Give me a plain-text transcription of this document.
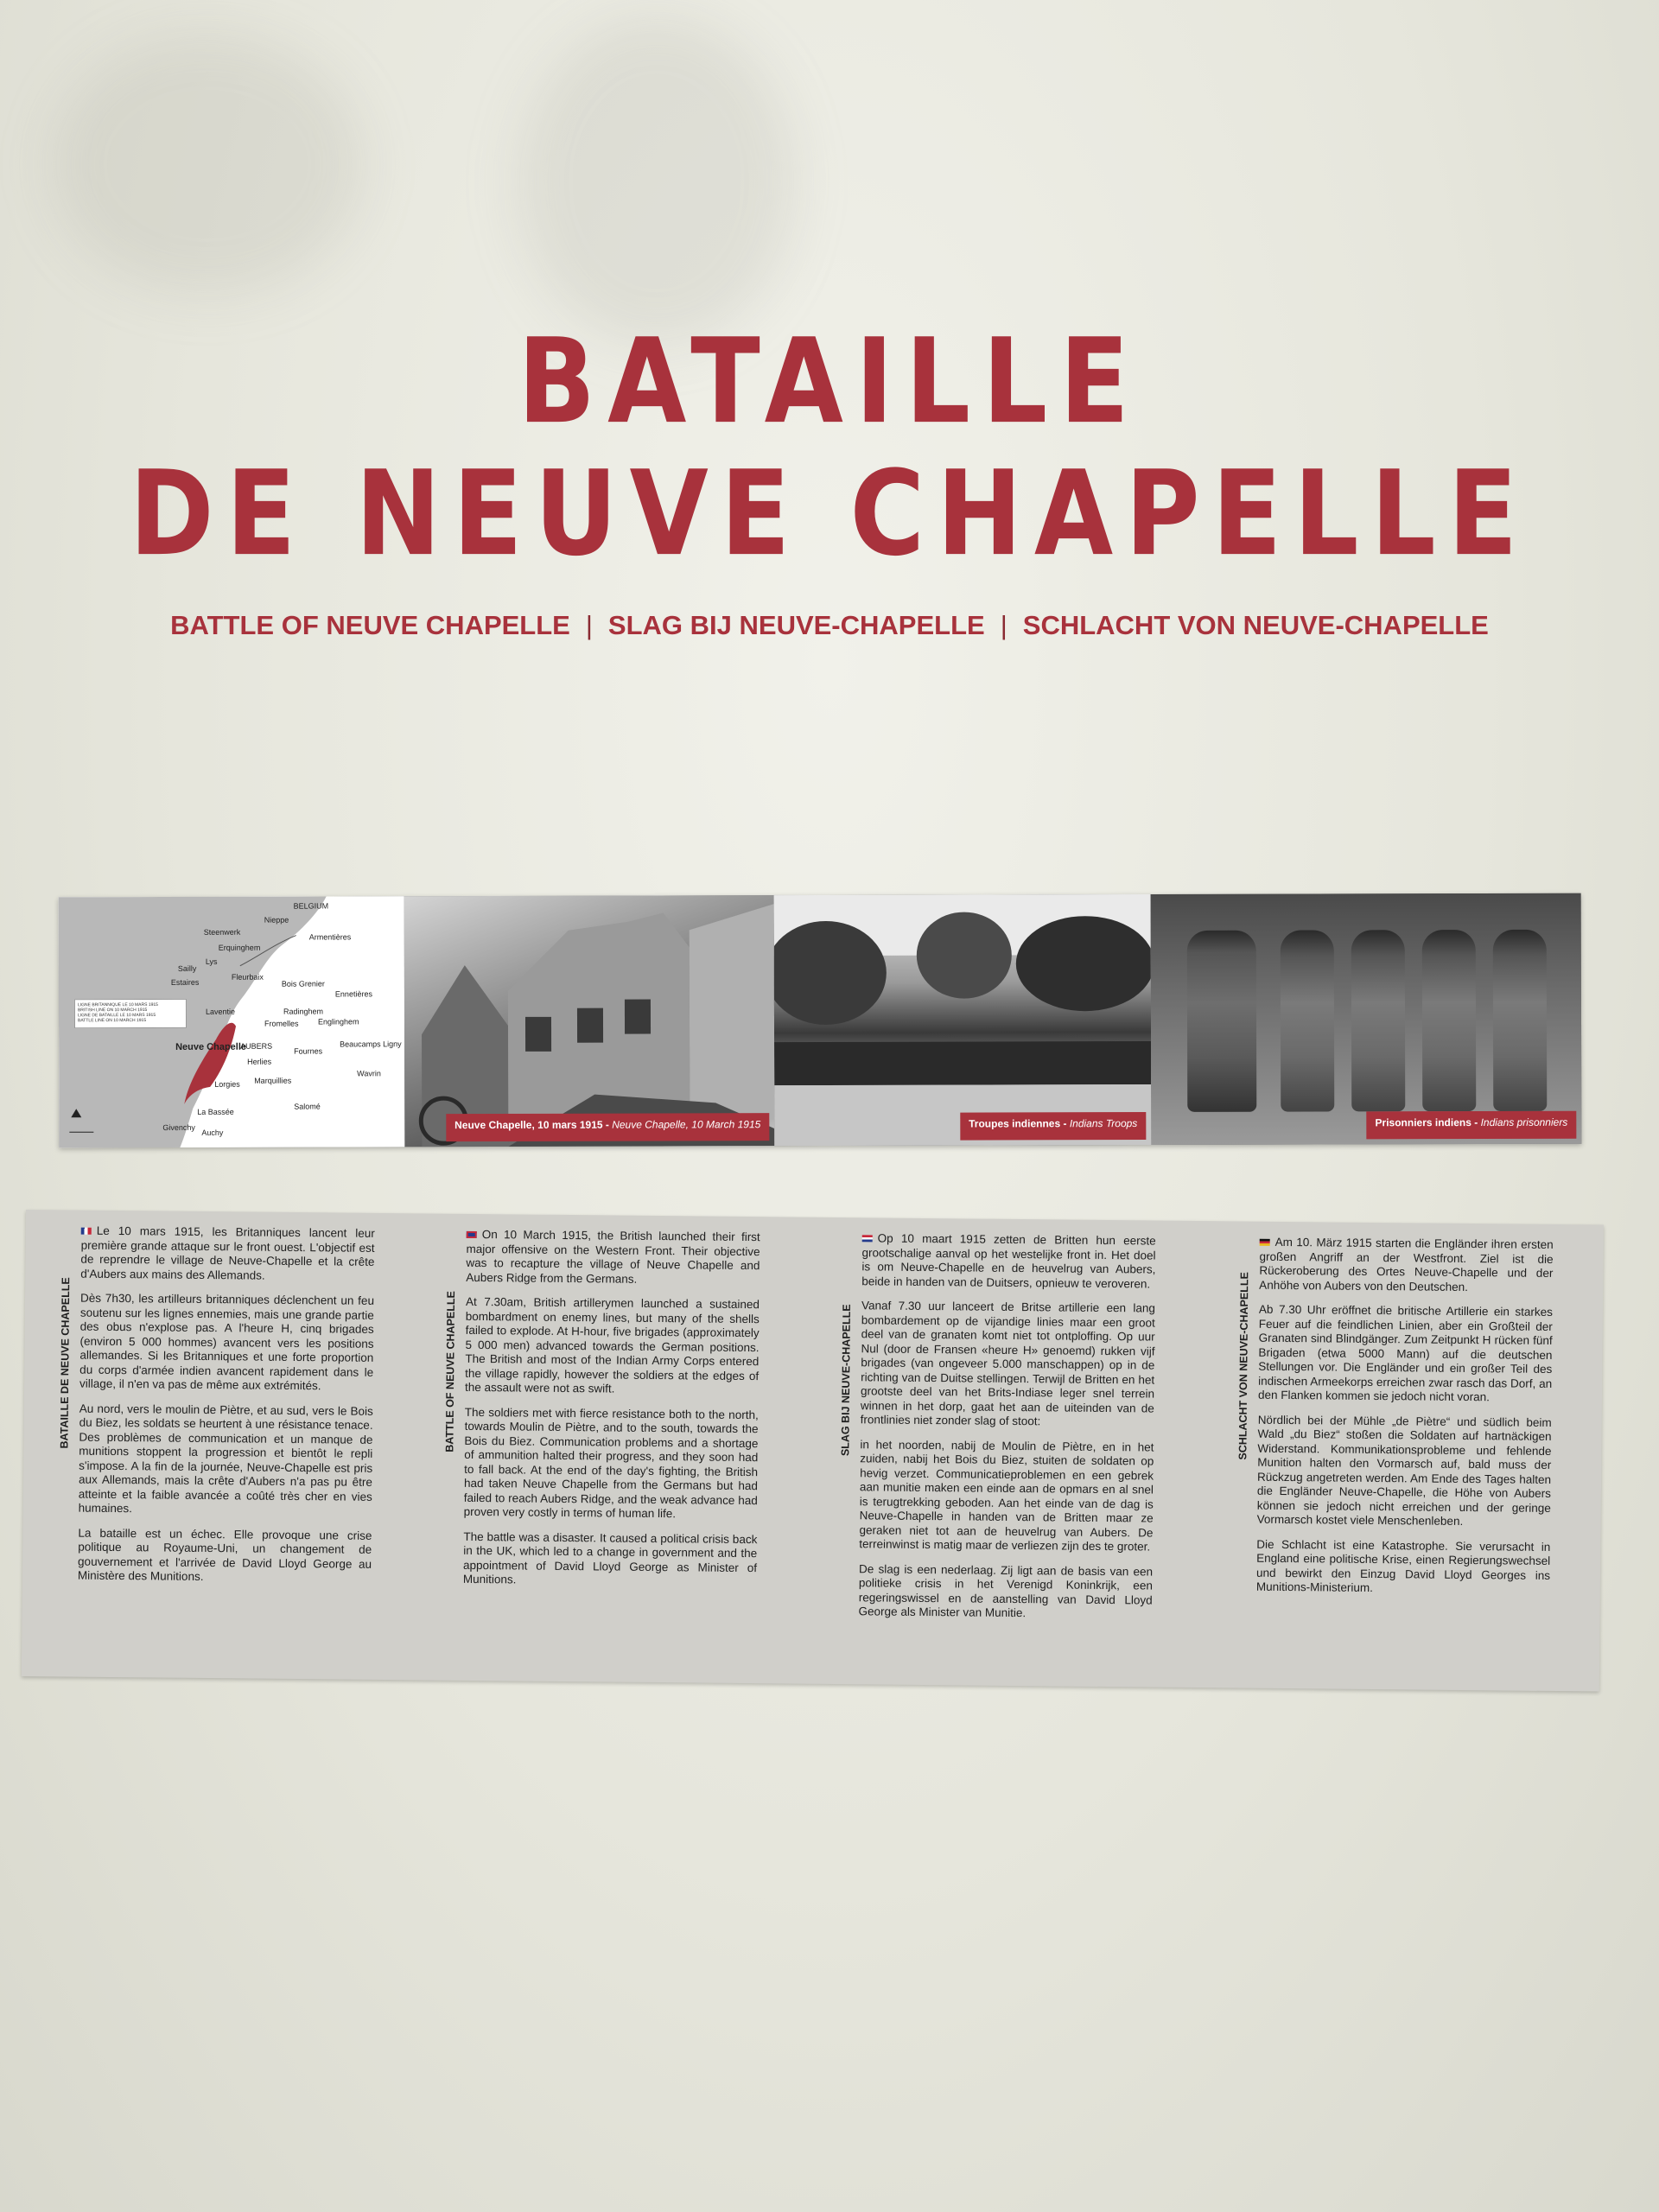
BATAILLE
DE NEUVE CHAPELLE
BATTLE OF NEUVE CHAPELLE | SLAG BIJ NEUVE-CHAPELLE | SCHLACHT VON NEUVE-CHAPELLE
LIGNE BRITANNIQUE LE 10 MARS 1915
BRITISH LINE ON 10 MARCH 1915
LIGNE DE BATAILLE LE 10 MARS 1915
BATTLE LINE ON 10 MARCH 1915
BELGIUM
Nieppe
Steenwerk
Armentières
Erquinghem
Sailly
Lys
Estaires
Fleurbaix
Bois Grenier
Laventie
Ennetières
Radinghem
Fromelles Englinghem
Neuve Chapelle
AUBERS
Herlies
Fournes
Beaucamps Ligny
Marquillies
Wavrin
Lorgies
Salomé
La Bassée
Givenchy
Auchy
Neuve Chapelle, 10 mars 1915 - Neuve Chapelle, 10 March 1915	Troupes indiennes - Indians Troops	Prisonniers indiens - Indians prisonniers
BATAILLE DE NEUVE CHAPELLE

Le 10 mars 1915, les Britanniques lancent leur première grande attaque sur le front ouest. L'objectif est de reprendre le village de Neuve-Chapelle et la crête d'Aubers aux mains des Allemands.

Dès 7h30, les artilleurs britanniques déclenchent un feu soutenu sur les lignes ennemies, mais une grande partie des obus n'explose pas. A l'heure H, cinq brigades (environ 5 000 hommes) avancent vers les positions allemandes. Si les Britanniques et une forte proportion du corps d'armée indien avancent rapidement dans le village, il n'en va pas de même aux extrémités.

Au nord, vers le moulin de Piètre, et au sud, vers le Bois du Biez, les soldats se heurtent à une résistance tenace. Des problèmes de communication et un manque de munitions stoppent la progression et bientôt le repli s'impose. A la fin de la journée, Neuve-Chapelle est pris aux Allemands, mais la crête d'Aubers n'a pas pu être atteinte et la faible avancée a coûté très cher en vies humaines.

La bataille est un échec. Elle provoque une crise politique au Royaume-Uni, un changement de gouvernement et l'arrivée de David Lloyd George au Ministère des Munitions.

BATTLE OF NEUVE CHAPELLE

On 10 March 1915, the British launched their first major offensive on the Western Front. Their objective was to recapture the village of Neuve Chapelle and Aubers Ridge from the Germans.

At 7.30am, British artillerymen launched a sustained bombardment on enemy lines, but many of the shells failed to explode. At H-hour, five brigades (approximately 5 000 men) advanced towards the German positions. The British and most of the Indian Army Corps entered the village rapidly, however the soldiers at the edges of the assault were not as swift.

The soldiers met with fierce resistance both to the north, towards Moulin de Piètre, and to the south, towards the Bois du Biez. Communication problems and a shortage of ammunition halted their progress, and they soon had to fall back. At the end of the day's fighting, the British had taken Neuve Chapelle from the Germans but had failed to reach Aubers Ridge, and the weak advance had proven very costly in terms of human life.

The battle was a disaster. It caused a political crisis back in the UK, which led to a change in government and the appointment of David Lloyd George as Minister of Munitions.

SLAG BIJ NEUVE-CHAPELLE

Op 10 maart 1915 zetten de Britten hun eerste grootschalige aanval op het westelijke front in. Het doel is om Neuve-Chapelle en de heuvelrug van Aubers, beide in handen van de Duitsers, opnieuw te veroveren.

Vanaf 7.30 uur lanceert de Britse artillerie een lang bombardement op de vijandige linies maar een groot deel van de granaten komt niet tot ontploffing. Op uur Nul (door de Fransen «heure H» genoemd) rukken vijf brigades (van ongeveer 5.000 manschappen) op in de richting van de Duitse stellingen. Terwijl de Britten en het grootste deel van het Brits-Indiase leger snel terrein winnen in het dorp, gaat het aan de uiteinden van de frontlinies niet zonder slag of stoot:

in het noorden, nabij de Moulin de Piètre, en in het zuiden, nabij het Bois du Biez, stuiten de soldaten op hevig verzet. Communicatieproblemen en een gebrek aan munitie maken een einde aan de opmars en al snel is terugtrekking geboden. Aan het einde van de dag is Neuve-Chapelle in handen van de Britten maar ze geraken niet tot aan de heuvelrug van Aubers. De terreinwinst is matig maar de verliezen zijn des te groter.

De slag is een nederlaag. Zij ligt aan de basis van een politieke crisis in het Verenigd Koninkrijk, een regeringswissel en de aanstelling van David Lloyd George als Minister van Munitie.

SCHLACHT VON NEUVE-CHAPELLE

Am 10. März 1915 starten die Engländer ihren ersten großen Angriff an der Westfront. Ziel ist die Rückeroberung des Ortes Neuve-Chapelle und der Anhöhe von Aubers von den Deutschen.

Ab 7.30 Uhr eröffnet die britische Artillerie ein starkes Feuer auf die feindlichen Linien, aber ein Großteil der Granaten sind Blindgänger. Zum Zeitpunkt H rücken fünf Brigaden (etwa 5000 Mann) auf die deutschen Stellungen vor. Die Engländer und ein großer Teil des indischen Armeekorps erreichen zwar rasch das Dorf, an den Flanken kommen sie jedoch nicht voran.

Nördlich bei der Mühle „de Piètre“ und südlich beim Wald „du Biez“ stoßen die Soldaten auf hartnäckigen Widerstand. Kommunikationsprobleme und fehlende Munition halten den Vormarsch auf, bald muss der Rückzug angetreten werden. Am Ende des Tages halten die Engländer Neuve-Chapelle, die Höhe von Aubers können sie jedoch nicht erreichen und der geringe Vormarsch kostet viele Menschenleben.

Die Schlacht ist eine Katastrophe. Sie verursacht in England eine politische Krise, einen Regierungswechsel und bewirkt den Einzug David Lloyd Georges ins Munitions-Ministerium.
